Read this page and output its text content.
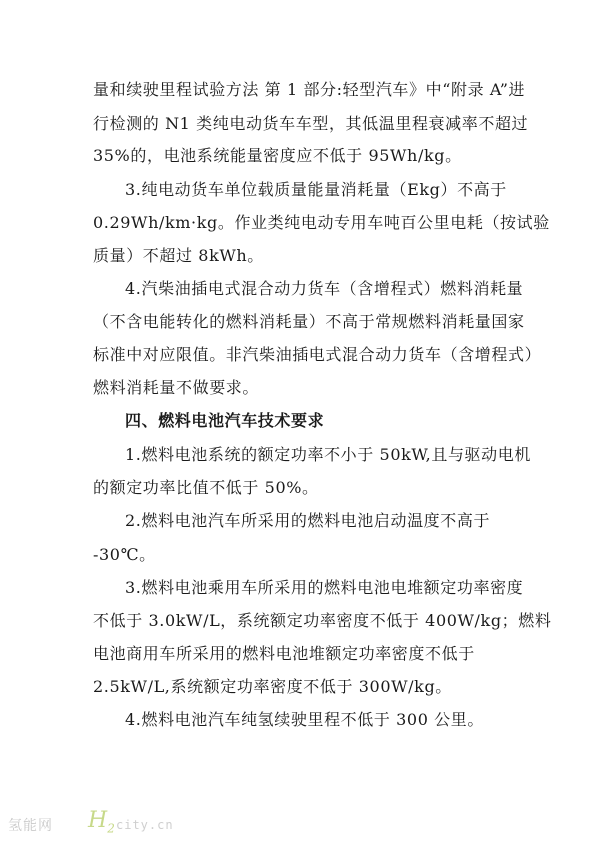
量和续驶里程试验方法 第 1 部分:轻型汽车》中“附录 A”进
行检测的 N1 类纯电动货车车型，其低温里程衰减率不超过
35%的，电池系统能量密度应不低于 95Wh/kg。
3.纯电动货车单位载质量能量消耗量（Ekg）不高于
0.29Wh/km·kg。作业类纯电动专用车吨百公里电耗（按试验
质量）不超过 8kWh。
4.汽柴油插电式混合动力货车（含增程式）燃料消耗量
（不含电能转化的燃料消耗量）不高于常规燃料消耗量国家
标准中对应限值。非汽柴油插电式混合动力货车（含增程式）
燃料消耗量不做要求。
四、燃料电池汽车技术要求
1.燃料电池系统的额定功率不小于 50kW,且与驱动电机
的额定功率比值不低于 50%。
2.燃料电池汽车所采用的燃料电池启动温度不高于
-30℃。
3.燃料电池乘用车所采用的燃料电池电堆额定功率密度
不低于 3.0kW/L，系统额定功率密度不低于 400W/kg；燃料
电池商用车所采用的燃料电池堆额定功率密度不低于
2.5kW/L,系统额定功率密度不低于 300W/kg。
4.燃料电池汽车纯氢续驶里程不低于 300 公里。
氢能网 $H_2$ city.cn
